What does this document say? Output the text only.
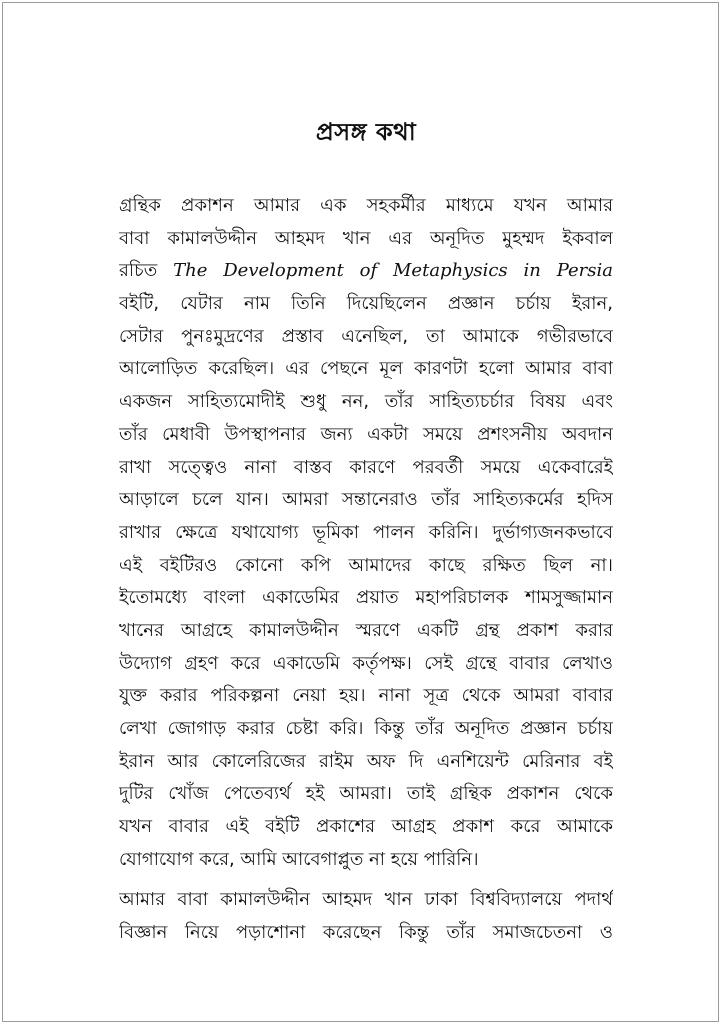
প্রসঙ্গ কথা

গ্রন্থিক প্রকাশন আমার এক সহকর্মীর মাধ্যমে যখন আমার
বাবা কামালউদ্দীন আহমদ খান এর অনূদিত মুহম্মদ ইকবাল
রচিত The Development of Metaphysics in Persia
বইটি, যেটার নাম তিনি দিয়েছিলেন প্রজ্ঞান চর্চায় ইরান,
সেটার পুনঃমুদ্রণের প্রস্তাব এনেছিল, তা আমাকে গভীরভাবে
আলোড়িত করেছিল। এর পেছনে মূল কারণটা হলো আমার বাবা
একজন সাহিত্যমোদীই শুধু নন, তাঁর সাহিত্যচর্চার বিষয় এবং
তাঁর মেধাবী উপস্থাপনার জন্য একটা সময়ে প্রশংসনীয় অবদান
রাখা সত্ত্বেও নানা বাস্তব কারণে পরবর্তী সময়ে একেবারেই
আড়ালে চলে যান। আমরা সন্তানেরাও তাঁর সাহিত্যকর্মের হদিস
রাখার ক্ষেত্রে যথাযোগ্য ভূমিকা পালন করিনি। দুর্ভাগ্যজনকভাবে
এই বইটিরও কোনো কপি আমাদের কাছে রক্ষিত ছিল না।
ইতোমধ্যে বাংলা একাডেমির প্রয়াত মহাপরিচালক শামসুজ্জামান
খানের আগ্রহে কামালউদ্দীন স্মরণে একটি গ্রন্থ প্রকাশ করার
উদ্যোগ গ্রহণ করে একাডেমি কর্তৃপক্ষ। সেই গ্রন্থে বাবার লেখাও
যুক্ত করার পরিকল্পনা নেয়া হয়। নানা সূত্র থেকে আমরা বাবার
লেখা জোগাড় করার চেষ্টা করি। কিন্তু তাঁর অনূদিত প্রজ্ঞান চর্চায়
ইরান আর কোলেরিজের রাইম অফ দি এনশিয়েন্ট মেরিনার বই
দুটির খোঁজ পেতেব্যর্থ হই আমরা। তাই গ্রন্থিক প্রকাশন থেকে
যখন বাবার এই বইটি প্রকাশের আগ্রহ প্রকাশ করে আমাকে
যোগাযোগ করে, আমি আবেগাপ্লুত না হয়ে পারিনি।

আমার বাবা কামালউদ্দীন আহমদ খান ঢাকা বিশ্ববিদ্যালয়ে পদার্থ
বিজ্ঞান নিয়ে পড়াশোনা করেছেন কিন্তু তাঁর সমাজচেতনা ও
